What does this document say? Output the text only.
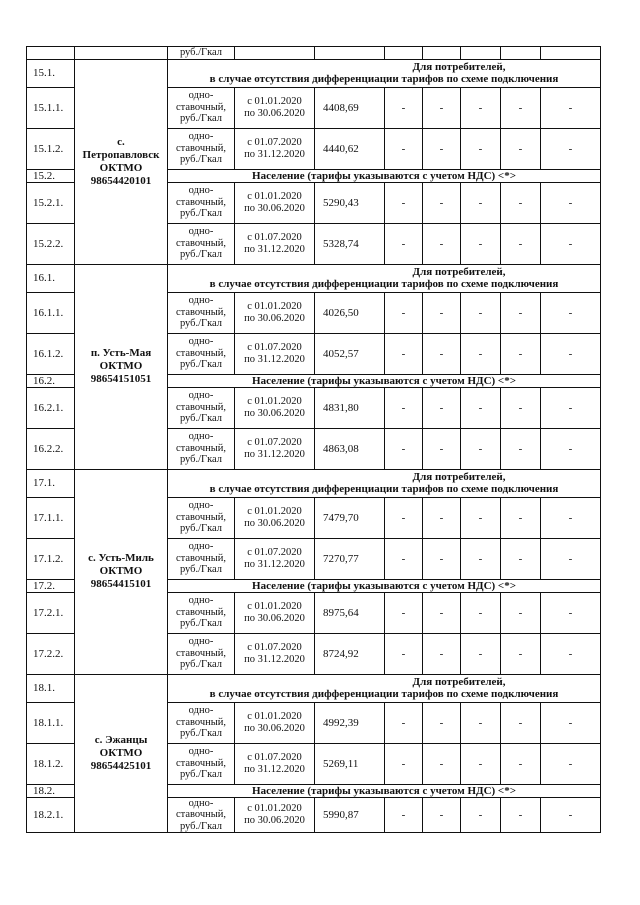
		руб./Гкал							
15.1.	с.
Петропавловск
ОКТМО
98654420101	Для потребителей,
в случае отсутствия дифференциации тарифов по схеме подключения							
15.1.1.		одно-
ставочный,
руб./Гкал	с 01.01.2020
по 30.06.2020	4408,69	-	-	-	-	-
15.1.2.		одно-
ставочный,
руб./Гкал	с 01.07.2020
по 31.12.2020	4440,62	-	-	-	-	-
15.2.		Население (тарифы указываются с учетом НДС) <*>							
15.2.1.		одно-
ставочный,
руб./Гкал	с 01.01.2020
по 30.06.2020	5290,43	-	-	-	-	-
15.2.2.		одно-
ставочный,
руб./Гкал	с 01.07.2020
по 31.12.2020	5328,74	-	-	-	-	-
16.1.	п. Усть-Мая
ОКТМО
98654151051	Для потребителей,
в случае отсутствия дифференциации тарифов по схеме подключения							
16.1.1.		одно-
ставочный,
руб./Гкал	с 01.01.2020
по 30.06.2020	4026,50	-	-	-	-	-
16.1.2.		одно-
ставочный,
руб./Гкал	с 01.07.2020
по 31.12.2020	4052,57	-	-	-	-	-
16.2.		Население (тарифы указываются с учетом НДС) <*>							
16.2.1.		одно-
ставочный,
руб./Гкал	с 01.01.2020
по 30.06.2020	4831,80	-	-	-	-	-
16.2.2.		одно-
ставочный,
руб./Гкал	с 01.07.2020
по 31.12.2020	4863,08	-	-	-	-	-
17.1.	с. Усть-Миль
ОКТМО
98654415101	Для потребителей,
в случае отсутствия дифференциации тарифов по схеме подключения							
17.1.1.		одно-
ставочный,
руб./Гкал	с 01.01.2020
по 30.06.2020	7479,70	-	-	-	-	-
17.1.2.		одно-
ставочный,
руб./Гкал	с 01.07.2020
по 31.12.2020	7270,77	-	-	-	-	-
17.2.		Население (тарифы указываются с учетом НДС) <*>							
17.2.1.		одно-
ставочный,
руб./Гкал	с 01.01.2020
по 30.06.2020	8975,64	-	-	-	-	-
17.2.2.		одно-
ставочный,
руб./Гкал	с 01.07.2020
по 31.12.2020	8724,92	-	-	-	-	-
18.1.	с. Эжанцы
ОКТМО
98654425101	Для потребителей,
в случае отсутствия дифференциации тарифов по схеме подключения							
18.1.1.		одно-
ставочный,
руб./Гкал	с 01.01.2020
по 30.06.2020	4992,39	-	-	-	-	-
18.1.2.		одно-
ставочный,
руб./Гкал	с 01.07.2020
по 31.12.2020	5269,11	-	-	-	-	-
18.2.		Население (тарифы указываются с учетом НДС) <*>							
18.2.1.		одно-
ставочный,
руб./Гкал	с 01.01.2020
по 30.06.2020	5990,87	-	-	-	-	-
